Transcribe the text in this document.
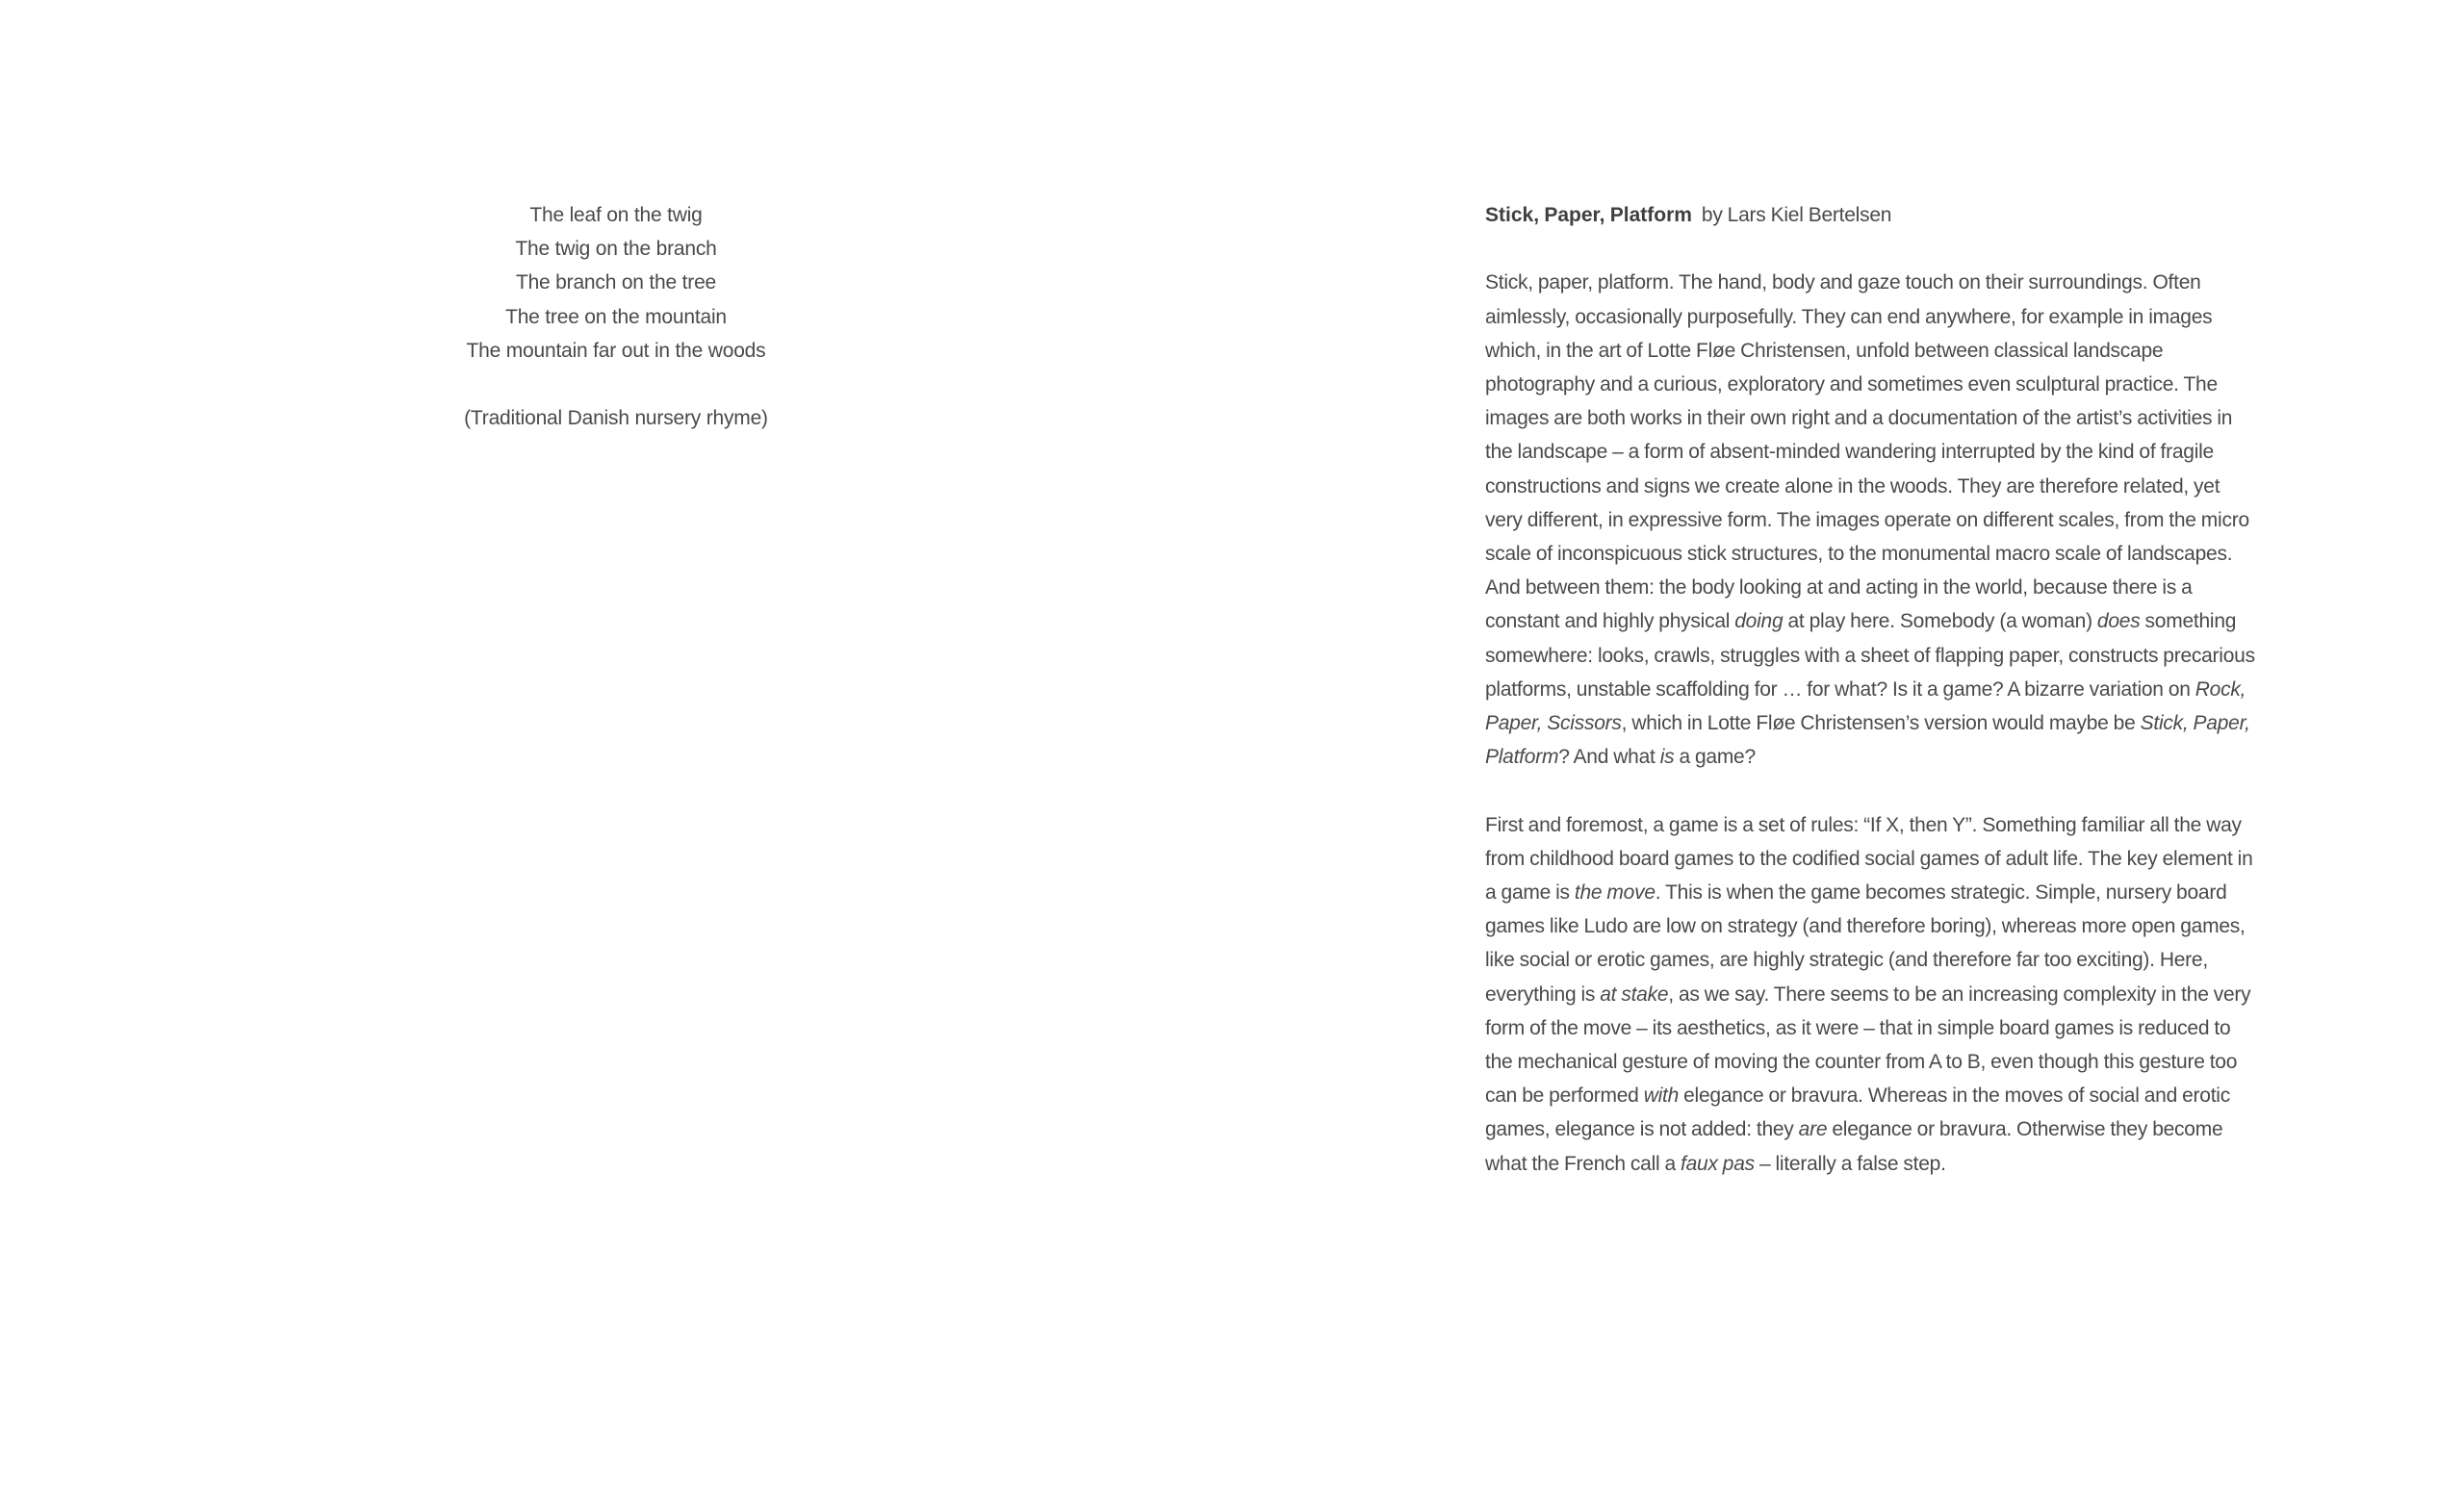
The leaf on the twig
The twig on the branch
The branch on the tree
The tree on the mountain
The mountain far out in the woods
(Traditional Danish nursery rhyme)
Stick, Paper, Platform by Lars Kiel Bertelsen

Stick, paper, platform. The hand, body and gaze touch on their surroundings. Often aimlessly, occasionally purposefully. They can end anywhere, for example in images which, in the art of Lotte Fløe Christensen, unfold between classical landscape photography and a curious, exploratory and sometimes even sculptural practice. The images are both works in their own right and a documentation of the artist’s activities in the landscape – a form of absent-minded wandering interrupted by the kind of fragile constructions and signs we create alone in the woods. They are therefore related, yet very different, in expressive form. The images operate on different scales, from the micro scale of inconspicuous stick structures, to the monumental macro scale of landscapes. And between them: the body looking at and acting in the world, because there is a constant and highly physical doing at play here. Somebody (a woman) does something somewhere: looks, crawls, struggles with a sheet of flapping paper, constructs precarious platforms, unstable scaffolding for … for what? Is it a game? A bizarre variation on Rock, Paper, Scissors, which in Lotte Fløe Christensen’s version would maybe be Stick, Paper, Platform? And what is a game?

First and foremost, a game is a set of rules: “If X, then Y”. Something familiar all the way from childhood board games to the codified social games of adult life. The key element in a game is the move. This is when the game becomes strategic. Simple, nursery board games like Ludo are low on strategy (and therefore boring), whereas more open games, like social or erotic games, are highly strategic (and therefore far too exciting). Here, everything is at stake, as we say. There seems to be an increasing complexity in the very form of the move – its aesthetics, as it were – that in simple board games is reduced to the mechanical gesture of moving the counter from A to B, even though this gesture too can be performed with elegance or bravura. Whereas in the moves of social and erotic games, elegance is not added: they are elegance or bravura. Otherwise they become what the French call a faux pas – literally a false step.
